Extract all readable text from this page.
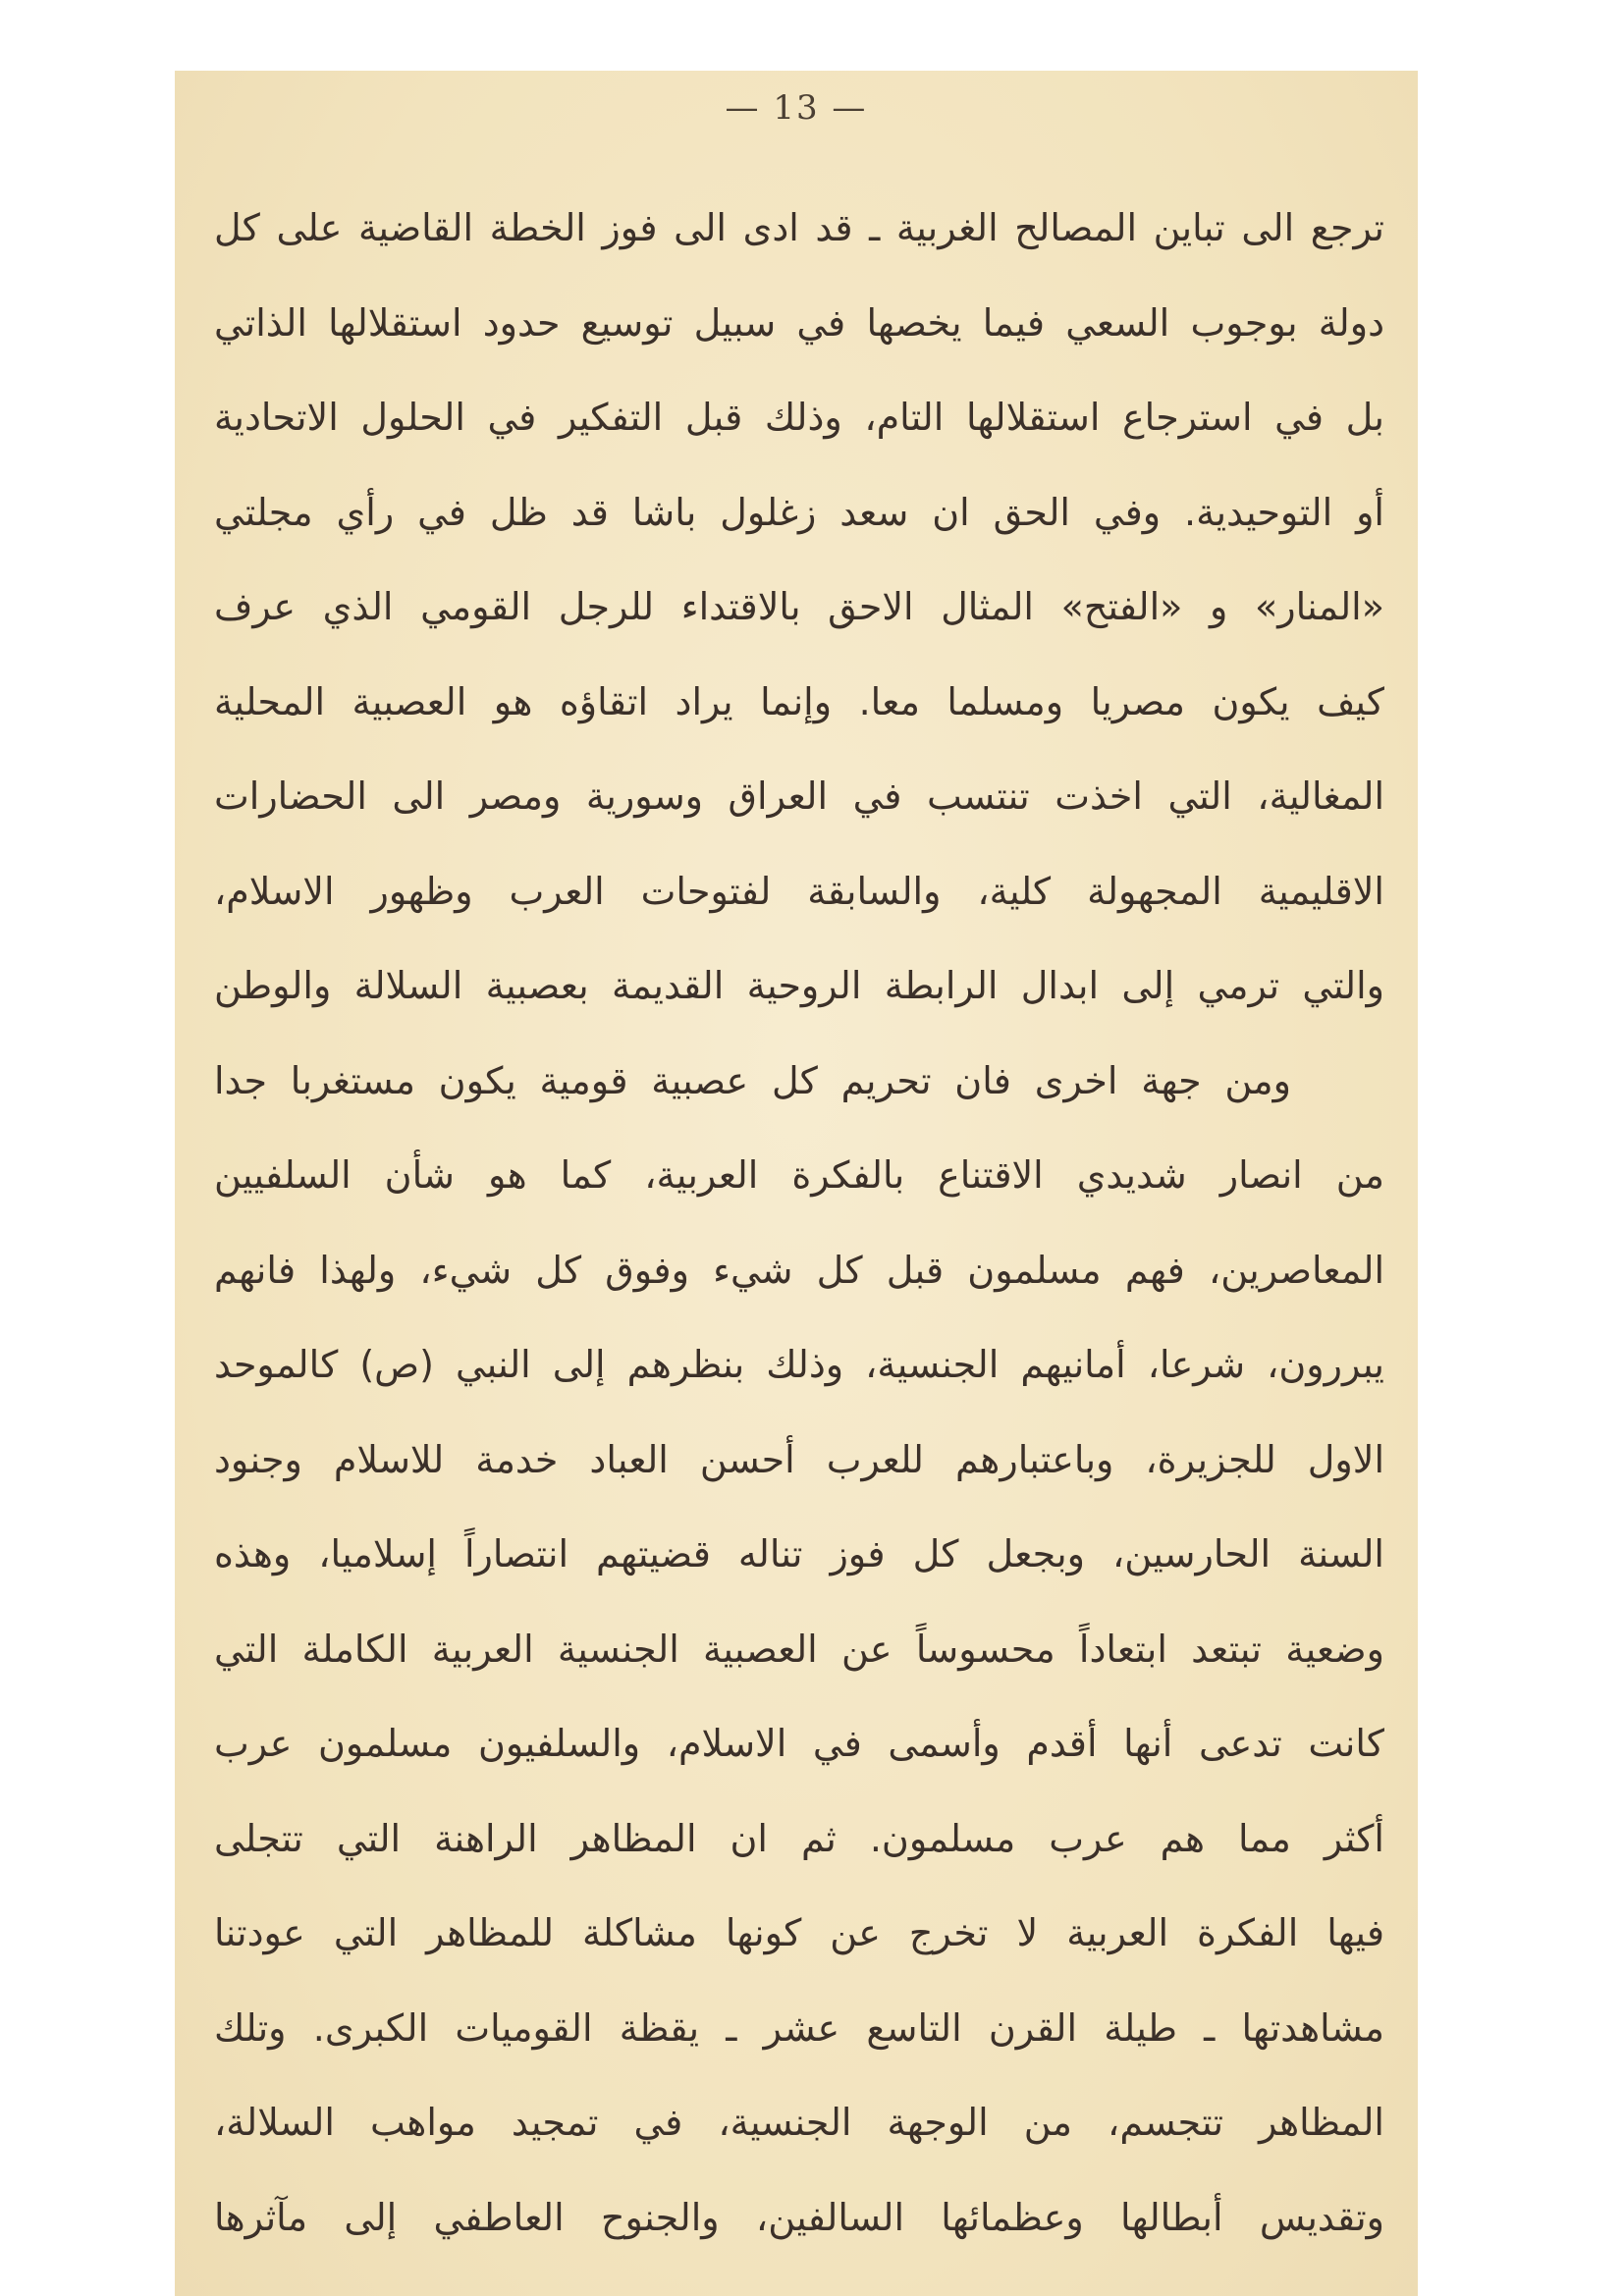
— 13 —
ترجع الى تباين المصالح الغربية ـ قد ادى الى فوز الخطة القاضية على كل
دولة بوجوب السعي فيما يخصها في سبيل توسيع حدود استقلالها الذاتي
بل في استرجاع استقلالها التام، وذلك قبل التفكير في الحلول الاتحادية
أو التوحيدية. وفي الحق ان سعد زغلول باشا قد ظل في رأي مجلتي
«المنار» و «الفتح» المثال الاحق بالاقتداء للرجل القومي الذي عرف
كيف يكون مصريا ومسلما معا. وإنما يراد اتقاؤه هو العصبية المحلية
المغالية، التي اخذت تنتسب في العراق وسورية ومصر الى الحضارات
الاقليمية المجهولة كلية، والسابقة لفتوحات العرب وظهور الاسلام،
والتي ترمي إلى ابدال الرابطة الروحية القديمة بعصبية السلالة والوطن
ومن جهة اخرى فان تحريم كل عصبية قومية يكون مستغربا جدا
من انصار شديدي الاقتناع بالفكرة العربية، كما هو شأن السلفيين
المعاصرين، فهم مسلمون قبل كل شيء وفوق كل شيء، ولهذا فانهم
يبررون، شرعا، أمانيهم الجنسية، وذلك بنظرهم إلى النبي (ص) كالموحد
الاول للجزيرة، وباعتبارهم للعرب أحسن العباد خدمة للاسلام وجنود
السنة الحارسين، وبجعل كل فوز تناله قضيتهم انتصاراً إسلاميا، وهذه
وضعية تبتعد ابتعاداً محسوساً عن العصبية الجنسية العربية الكاملة التي
كانت تدعى أنها أقدم وأسمى في الاسلام، والسلفيون مسلمون عرب
أكثر مما هم عرب مسلمون. ثم ان المظاهر الراهنة التي تتجلى
فيها الفكرة العربية لا تخرج عن كونها مشاكلة للمظاهر التي عودتنا
مشاهدتها ـ طيلة القرن التاسع عشر ـ يقظة القوميات الكبرى. وتلك
المظاهر تتجسم، من الوجهة الجنسية، في تمجيد مواهب السلالة،
وتقديس أبطالها وعظمائها السالفين، والجنوح العاطفي إلى مآثرها
